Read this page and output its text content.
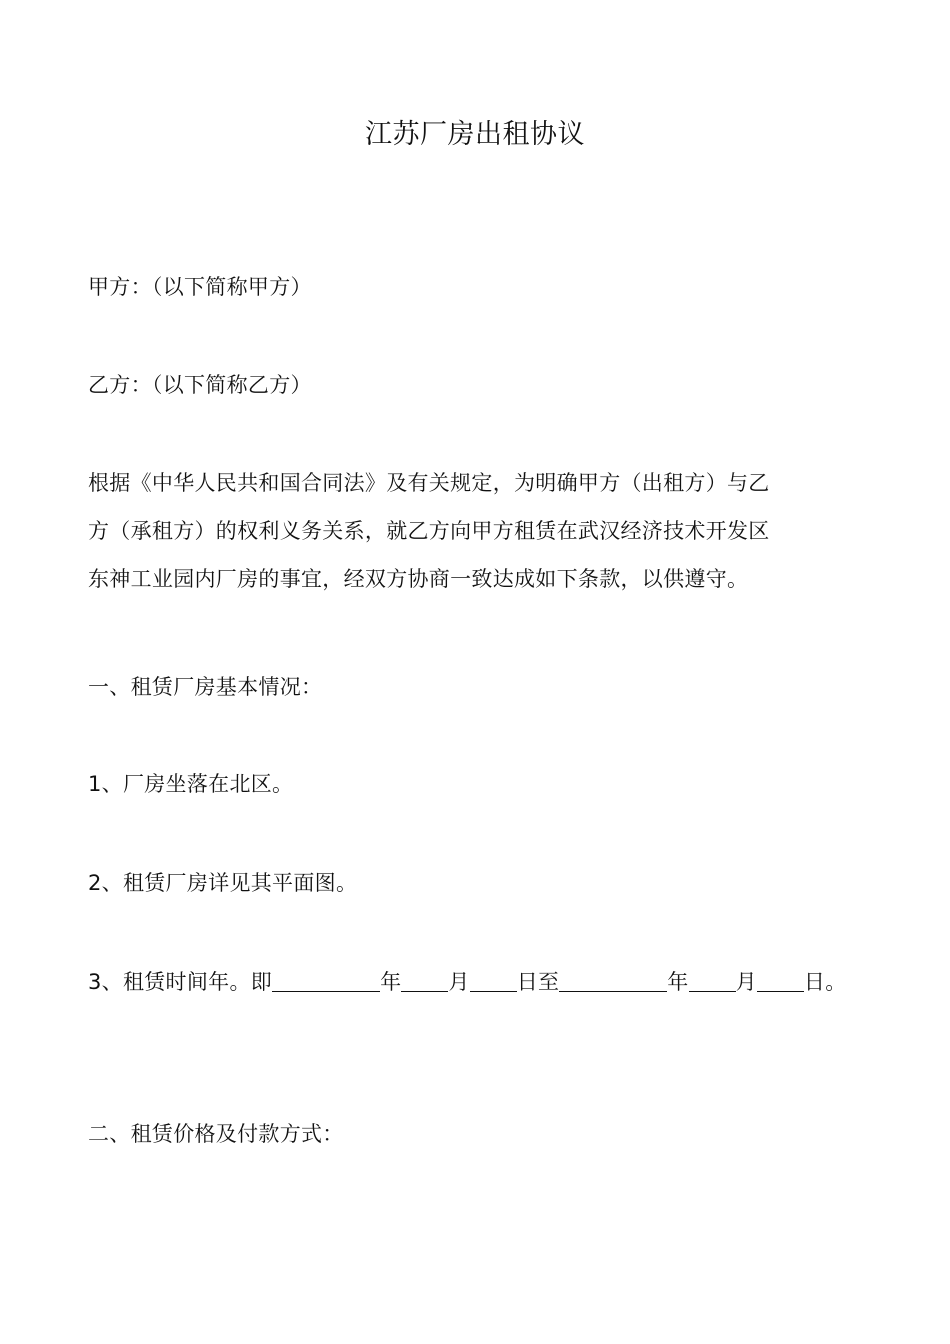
江苏厂房出租协议
甲方：（以下简称甲方）
乙方：（以下简称乙方）
根据《中华人民共和国合同法》及有关规定，为明确甲方（出租方）与乙
方（承租方）的权利义务关系，就乙方向甲方租赁在武汉经济技术开发区
东神工业园内厂房的事宜，经双方协商一致达成如下条款，以供遵守。
一、租赁厂房基本情况：
1、厂房坐落在北区。
2、租赁厂房详见其平面图。
3、租赁时间年。即	年 月 日至	年 月 日。
二、租赁价格及付款方式：
